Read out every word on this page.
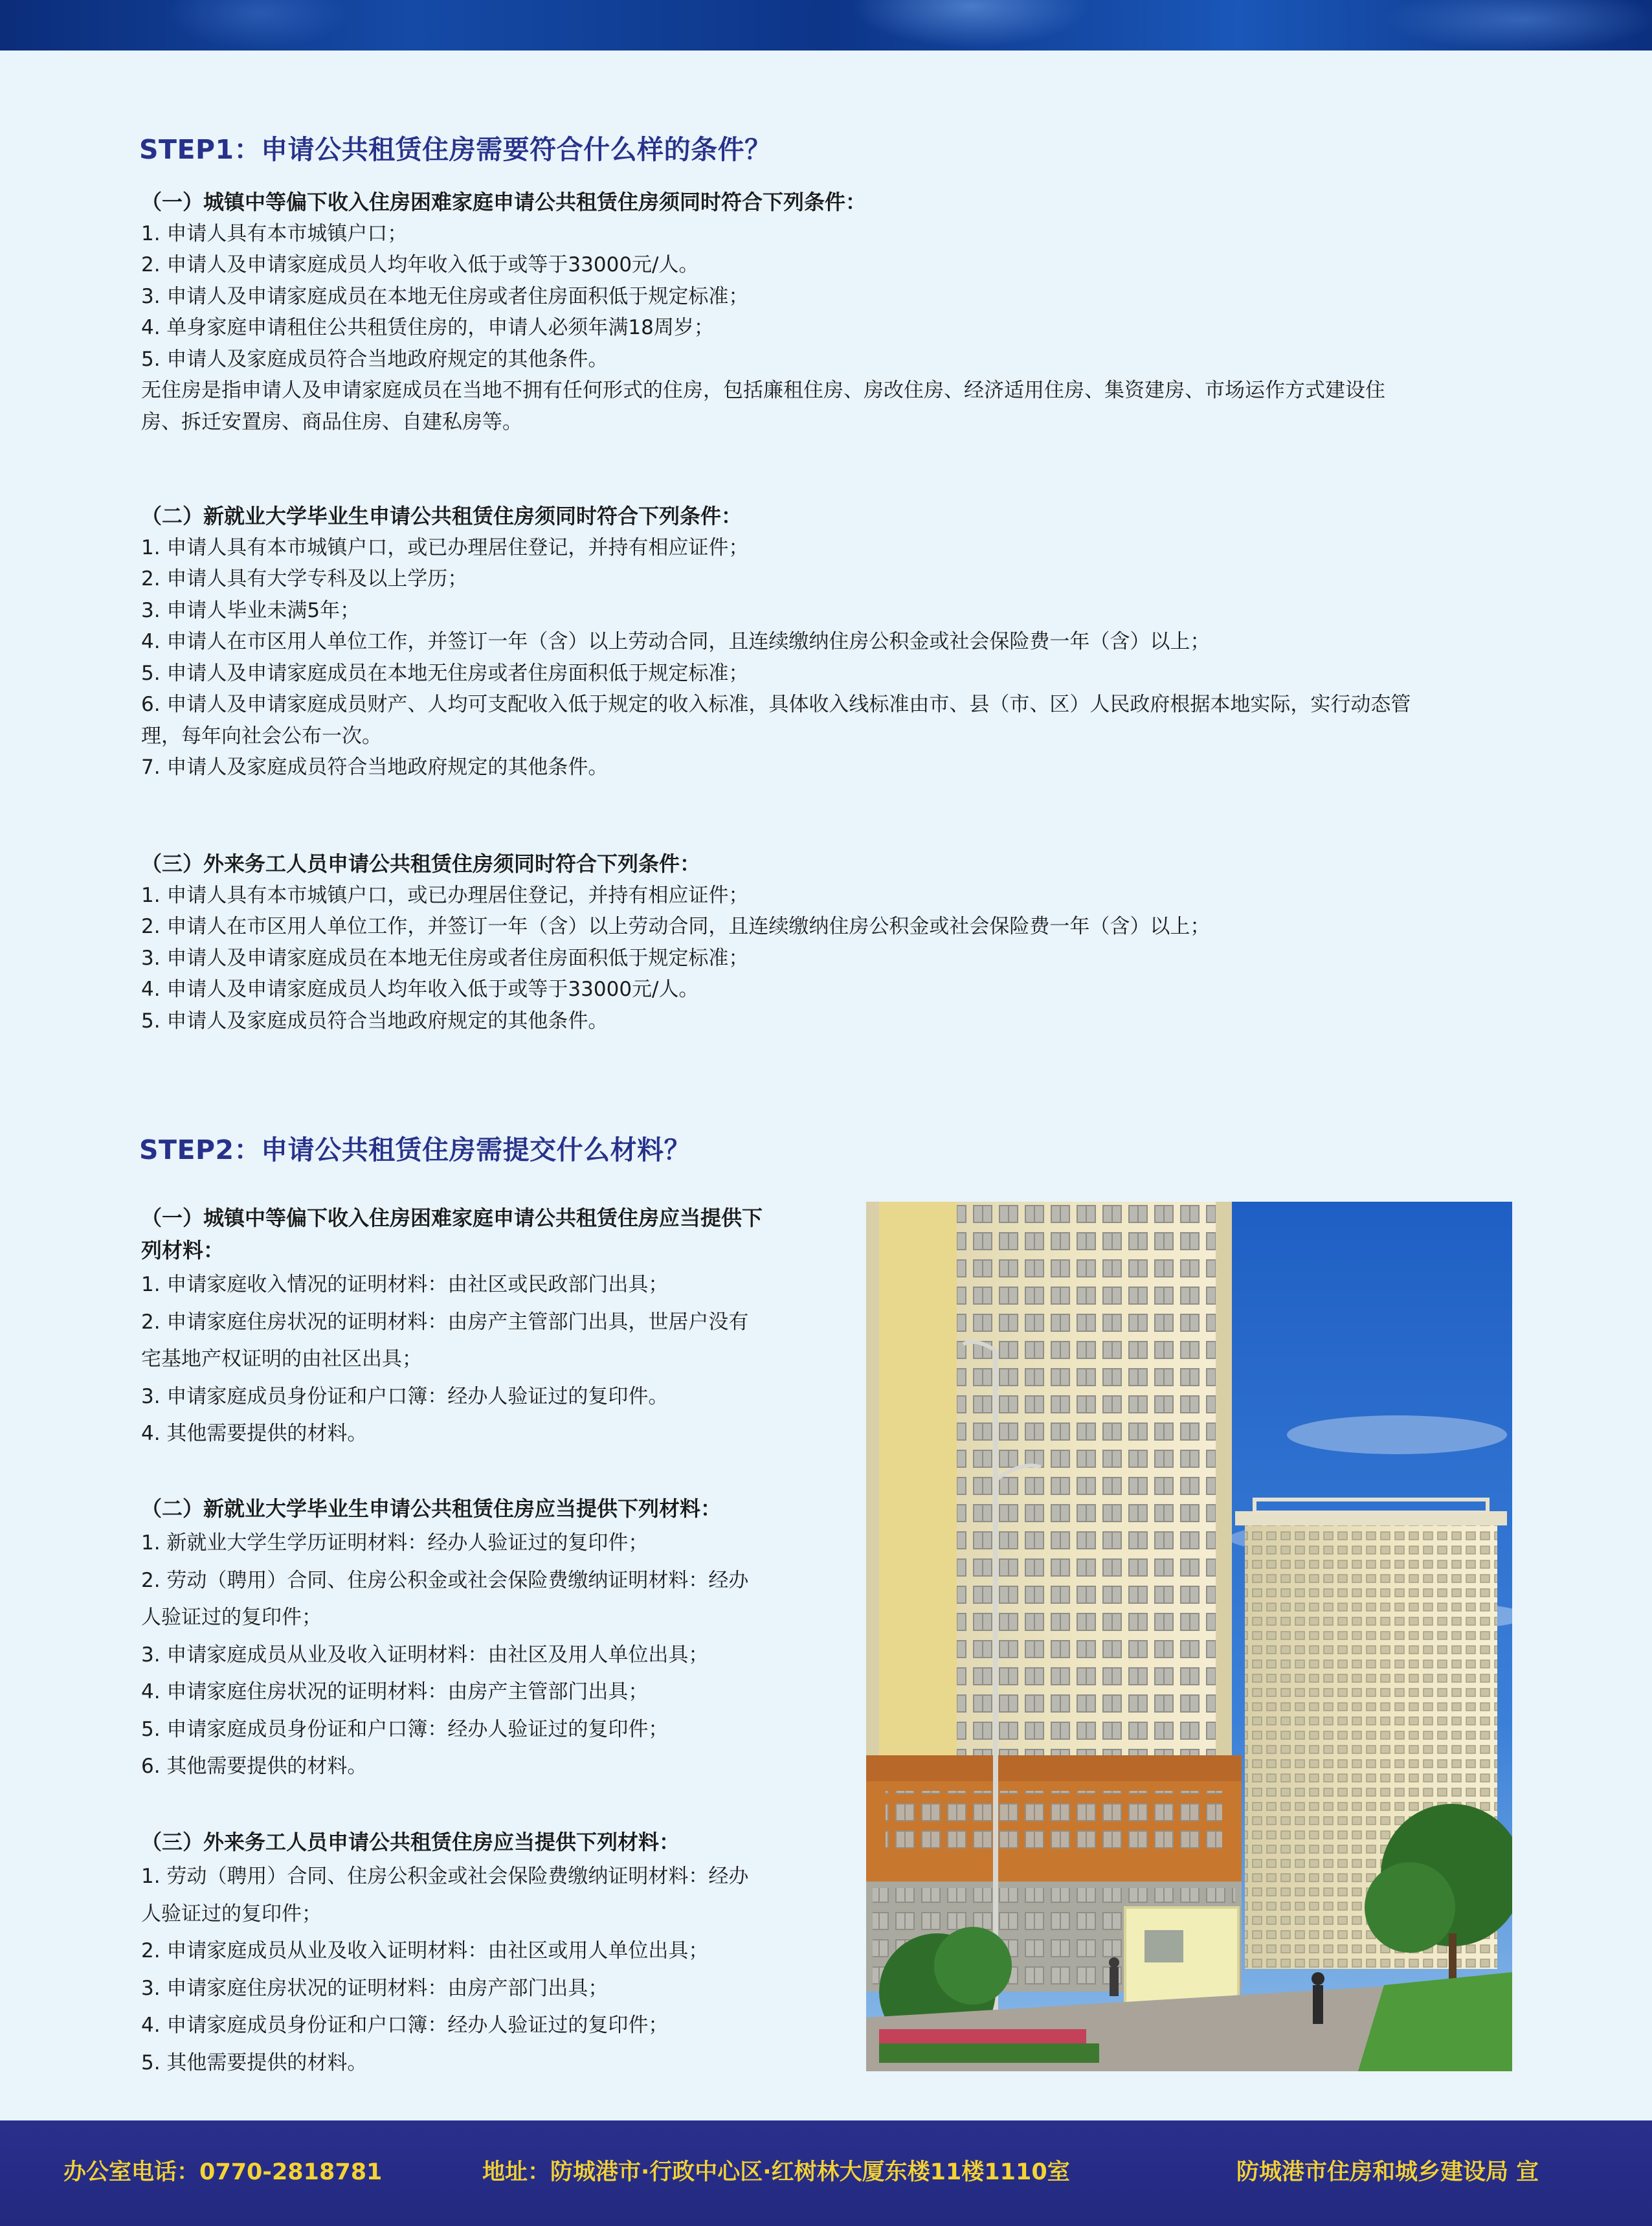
STEP1：申请公共租赁住房需要符合什么样的条件？
（一）城镇中等偏下收入住房困难家庭申请公共租赁住房须同时符合下列条件：
1. 申请人具有本市城镇户口；
2. 申请人及申请家庭成员人均年收入低于或等于33000元/人。
3. 申请人及申请家庭成员在本地无住房或者住房面积低于规定标准；
4. 单身家庭申请租住公共租赁住房的，申请人必须年满18周岁；
5. 申请人及家庭成员符合当地政府规定的其他条件。
无住房是指申请人及申请家庭成员在当地不拥有任何形式的住房，包括廉租住房、房改住房、经济适用住房、集资建房、市场运作方式建设住
房、拆迁安置房、商品住房、自建私房等。
（二）新就业大学毕业生申请公共租赁住房须同时符合下列条件：
1. 申请人具有本市城镇户口，或已办理居住登记，并持有相应证件；
2. 申请人具有大学专科及以上学历；
3. 申请人毕业未满5年；
4. 申请人在市区用人单位工作，并签订一年（含）以上劳动合同，且连续缴纳住房公积金或社会保险费一年（含）以上；
5. 申请人及申请家庭成员在本地无住房或者住房面积低于规定标准；
6. 申请人及申请家庭成员财产、人均可支配收入低于规定的收入标准，具体收入线标准由市、县（市、区）人民政府根据本地实际，实行动态管
理，每年向社会公布一次。
7. 申请人及家庭成员符合当地政府规定的其他条件。
（三）外来务工人员申请公共租赁住房须同时符合下列条件：
1. 申请人具有本市城镇户口，或已办理居住登记，并持有相应证件；
2. 申请人在市区用人单位工作，并签订一年（含）以上劳动合同，且连续缴纳住房公积金或社会保险费一年（含）以上；
3. 申请人及申请家庭成员在本地无住房或者住房面积低于规定标准；
4. 申请人及申请家庭成员人均年收入低于或等于33000元/人。
5. 申请人及家庭成员符合当地政府规定的其他条件。
STEP2：申请公共租赁住房需提交什么材料？
（一）城镇中等偏下收入住房困难家庭申请公共租赁住房应当提供下
列材料：
1. 申请家庭收入情况的证明材料：由社区或民政部门出具；
2. 申请家庭住房状况的证明材料：由房产主管部门出具，世居户没有
宅基地产权证明的由社区出具；
3. 申请家庭成员身份证和户口簿：经办人验证过的复印件。
4. 其他需要提供的材料。
（二）新就业大学毕业生申请公共租赁住房应当提供下列材料：
1. 新就业大学生学历证明材料：经办人验证过的复印件；
2. 劳动（聘用）合同、住房公积金或社会保险费缴纳证明材料：经办
人验证过的复印件；
3. 申请家庭成员从业及收入证明材料：由社区及用人单位出具；
4. 申请家庭住房状况的证明材料：由房产主管部门出具；
5. 申请家庭成员身份证和户口簿：经办人验证过的复印件；
6. 其他需要提供的材料。
（三）外来务工人员申请公共租赁住房应当提供下列材料：
1. 劳动（聘用）合同、住房公积金或社会保险费缴纳证明材料：经办
人验证过的复印件；
2. 申请家庭成员从业及收入证明材料：由社区或用人单位出具；
3. 申请家庭住房状况的证明材料：由房产部门出具；
4. 申请家庭成员身份证和户口簿：经办人验证过的复印件；
5. 其他需要提供的材料。
办公室电话：0770-2818781	地址：防城港市·行政中心区·红树林大厦东楼11楼1110室	防城港市住房和城乡建设局 宣
